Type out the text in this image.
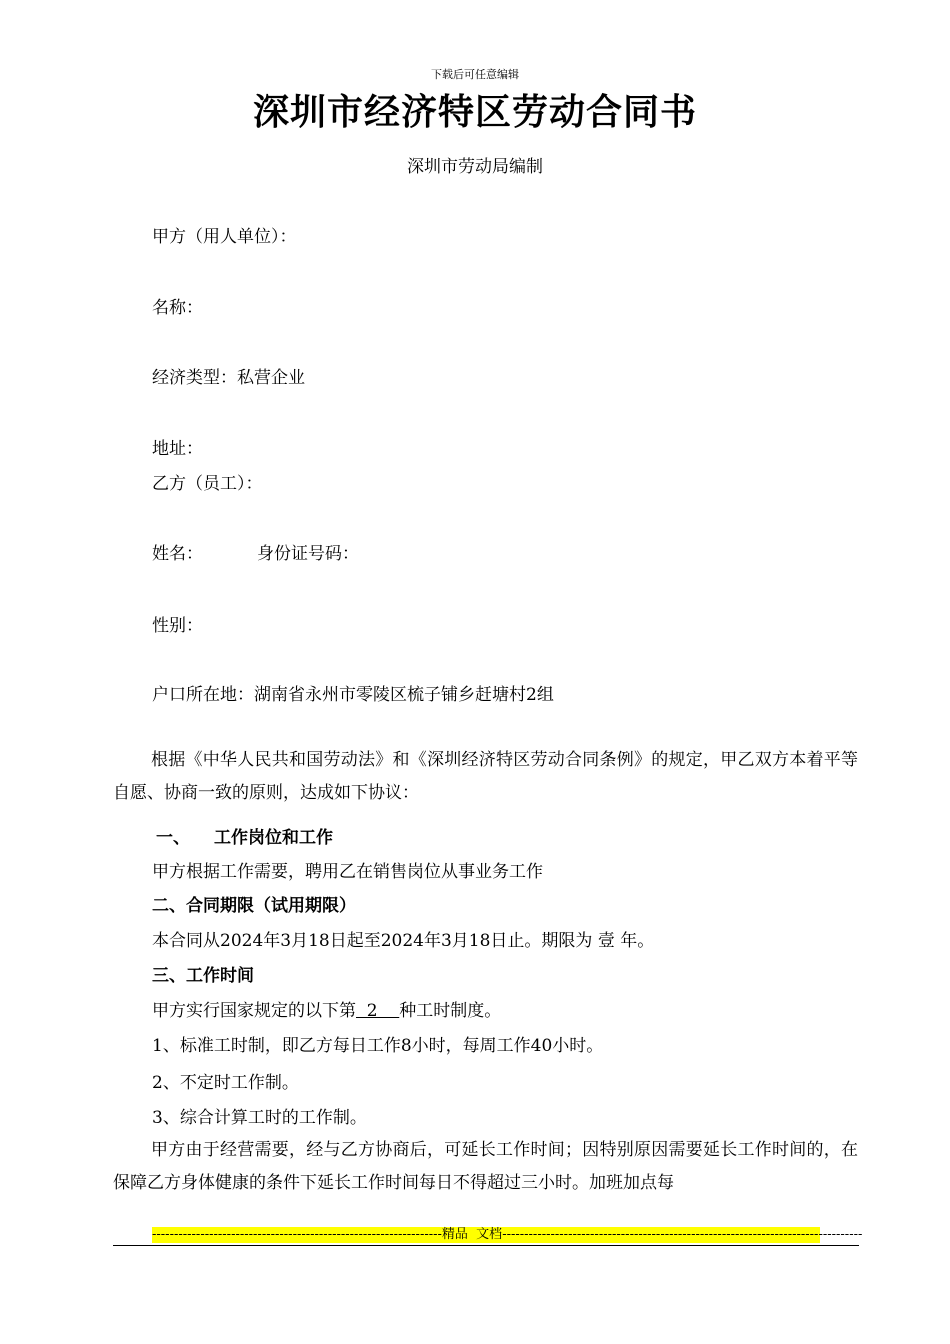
下载后可任意编辑
深圳市经济特区劳动合同书
深圳市劳动局编制
甲方（用人单位）：
名称：
经济类型：私营企业
地址：
乙方（员工）：
姓名：	身份证号码：
性别：
户口所在地：湖南省永州市零陵区梳子铺乡赶塘村2组
根据《中华人民共和国劳动法》和《深圳经济特区劳动合同条例》的规定，甲乙双方本着平等自愿、协商一致的原则，达成如下协议：
一、 工作岗位和工作
甲方根据工作需要，聘用乙在销售岗位从事业务工作
二、合同期限（试用期限）
本合同从2024年3月18日起至2024年3月18日止。期限为 壹 年。
三、工作时间
甲方实行国家规定的以下第  2    种工时制度。
1、标准工时制，即乙方每日工作8小时，每周工作40小时。
2、不定时工作制。
3、综合计算工时的工作制。
甲方由于经营需要，经与乙方协商后，可延长工作时间；因特别原因需要延长工作时间的，在保障乙方身体健康的条件下延长工作时间每日不得超过三小时。加班加点每
------------------------------------------------------------------精品  文档----------------------------------------------------------------------------------
